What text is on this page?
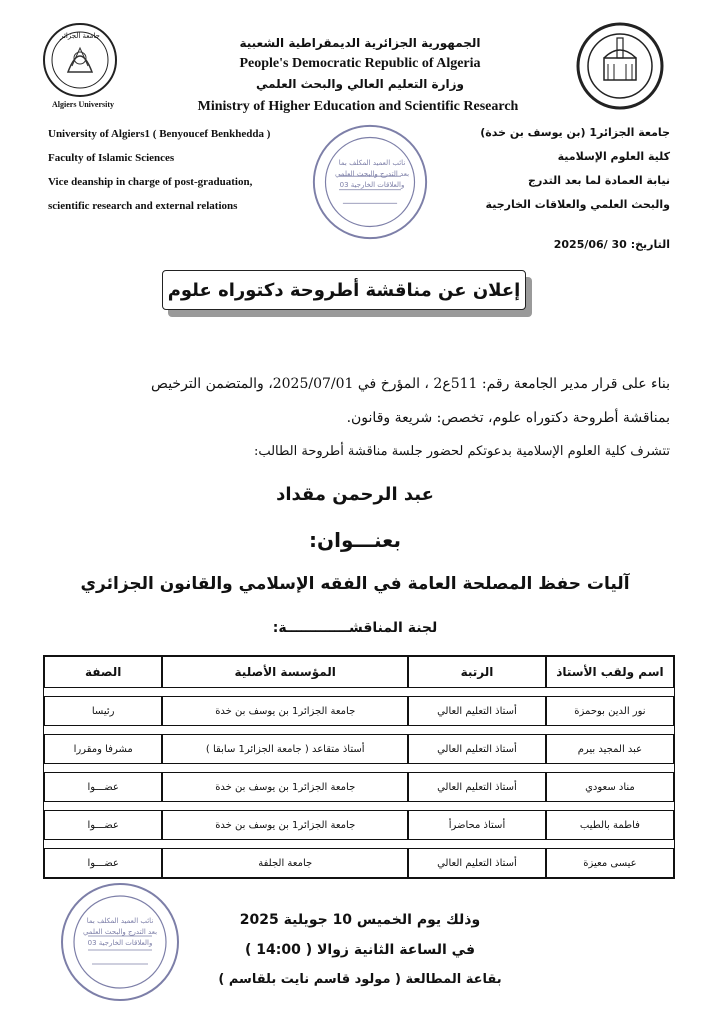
جامعة الجزائر
Algiers University
الجمهورية الجزائرية الديمقراطية الشعبية
People's Democratic Republic of Algeria
وزارة التعليم العالي والبحث العلمي
Ministry of Higher Education and Scientific Research
University of Algiers1 ( Benyoucef Benkhedda )
Faculty of Islamic Sciences
Vice deanship in charge of post-graduation,
scientific research and external relations
جامعة الجزائر1 (بن يوسف بن خدة)
كلية العلوم الإسلامية
نيابة العمادة لما بعد التدرج
والبحث العلمي والعلاقات الخارجية
نائب العميد المكلف بما بعد التدرج والبحث العلمي والعلاقات الخارجية 03
التاريخ: 2025/06/ 30
إعلان عن مناقشة أطروحة دكتوراه علوم
بناء على قرار مدير الجامعة رقم: 511ع2 ، المؤرخ في 2025/07/01، والمتضمن الترخيص
بمناقشة أطروحة دكتوراه علوم، تخصص: شريعة وقانون.
تتشرف كلية العلوم الإسلامية بدعوتكم لحضور جلسة مناقشة أطروحة الطالب:
عبد الرحمن مقداد
بعنـــوان:
آليات حفظ المصلحة العامة في الفقه الإسلامي والقانون الجزائري
لجنة المناقشـــــــــــــة:
اسم ولقب الأستاذ	الرتبة	المؤسسة الأصلية	الصفة

نور الدين بوحمزة	أستاذ التعليم العالي	جامعة الجزائر1 بن يوسف بن خدة	رئيسا

عبد المجيد بيرم	أستاذ التعليم العالي	أستاذ متقاعد ( جامعة الجزائر1 سابقا )	مشرفا ومقررا

مناد سعودي	أستاذ التعليم العالي	جامعة الجزائر1 بن يوسف بن خدة	عضـــوا

فاطمة بالطيب	أستاذ محاضرأ	جامعة الجزائر1 بن يوسف بن خدة	عضـــوا

عيسى معيزة	أستاذ التعليم العالي	جامعة الجلفة	عضـــوا
نائب العميد المكلف بما بعد التدرج والبحث العلمي والعلاقات الخارجية 03
وذلك يوم الخميس 10 جويلية 2025
في الساعة الثانية زوالا ( 14:00 )
بقاعة المطالعة ( مولود قاسم نايت بلقاسم )
